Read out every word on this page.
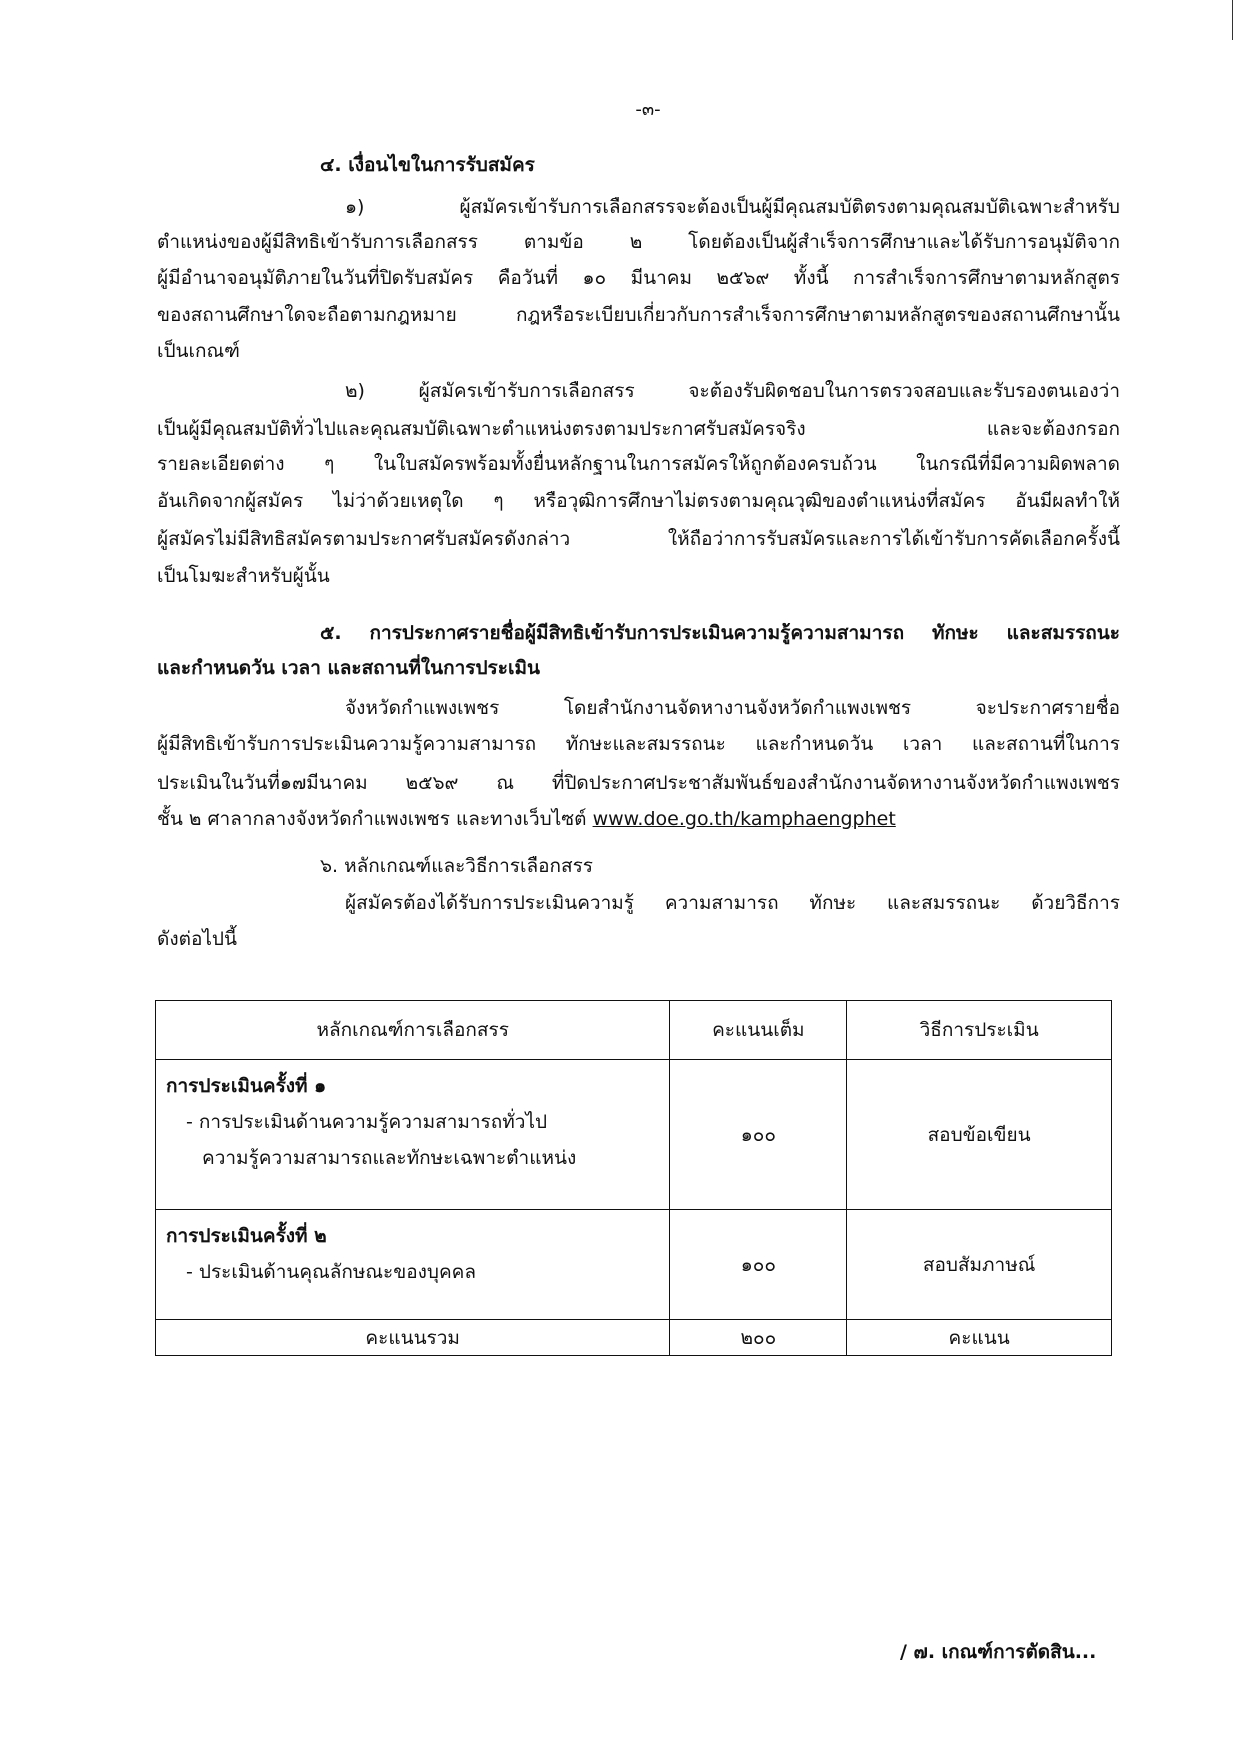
-๓-
๔. เงื่อนไขในการรับสมัคร
๑) ผู้สมัครเข้ารับการเลือกสรรจะต้องเป็นผู้มีคุณสมบัติตรงตามคุณสมบัติเฉพาะสำหรับ
ตำแหน่งของผู้มีสิทธิเข้ารับการเลือกสรร ตามข้อ ๒ โดยต้องเป็นผู้สำเร็จการศึกษาและได้รับการอนุมัติจาก
ผู้มีอำนาจอนุมัติภายในวันที่ปิดรับสมัคร คือวันที่ ๑๐ มีนาคม ๒๕๖๙ ทั้งนี้ การสำเร็จการศึกษาตามหลักสูตร
ของสถานศึกษาใดจะถือตามกฎหมาย กฎหรือระเบียบเกี่ยวกับการสำเร็จการศึกษาตามหลักสูตรของสถานศึกษานั้น
เป็นเกณฑ์
๒) ผู้สมัครเข้ารับการเลือกสรร จะต้องรับผิดชอบในการตรวจสอบและรับรองตนเองว่า
เป็นผู้มีคุณสมบัติทั่วไปและคุณสมบัติเฉพาะตำแหน่งตรงตามประกาศรับสมัครจริง และจะต้องกรอก
รายละเอียดต่าง ๆ ในใบสมัครพร้อมทั้งยื่นหลักฐานในการสมัครให้ถูกต้องครบถ้วน ในกรณีที่มีความผิดพลาด
อันเกิดจากผู้สมัคร ไม่ว่าด้วยเหตุใด ๆ หรือวุฒิการศึกษาไม่ตรงตามคุณวุฒิของตำแหน่งที่สมัคร อันมีผลทำให้
ผู้สมัครไม่มีสิทธิสมัครตามประกาศรับสมัครดังกล่าว ให้ถือว่าการรับสมัครและการได้เข้ารับการคัดเลือกครั้งนี้
เป็นโมฆะสำหรับผู้นั้น
๕. การประกาศรายชื่อผู้มีสิทธิเข้ารับการประเมินความรู้ความสามารถ ทักษะ และสมรรถนะ
และกำหนดวัน เวลา และสถานที่ในการประเมิน
จังหวัดกำแพงเพชร โดยสำนักงานจัดหางานจังหวัดกำแพงเพชร จะประกาศรายชื่อ
ผู้มีสิทธิเข้ารับการประเมินความรู้ความสามารถ ทักษะและสมรรถนะ และกำหนดวัน เวลา และสถานที่ในการ
ประเมินในวันที่๑๗มีนาคม ๒๕๖๙ ณ ที่ปิดประกาศประชาสัมพันธ์ของสำนักงานจัดหางานจังหวัดกำแพงเพชร
ชั้น ๒ ศาลากลางจังหวัดกำแพงเพชร และทางเว็บไซต์ www.doe.go.th/kamphaengphet
๖. หลักเกณฑ์และวิธีการเลือกสรร
ผู้สมัครต้องได้รับการประเมินความรู้ ความสามารถ ทักษะ และสมรรถนะ ด้วยวิธีการ
ดังต่อไปนี้
หลักเกณฑ์การเลือกสรร	คะแนนเต็ม	วิธีการประเมิน

การประเมินครั้งที่ ๑
- การประเมินด้านความรู้ความสามารถทั่วไป
ความรู้ความสามารถและทักษะเฉพาะตำแหน่ง	๑๐๐	สอบข้อเขียน

การประเมินครั้งที่ ๒
- ประเมินด้านคุณลักษณะของบุคคล	๑๐๐	สอบสัมภาษณ์
คะแนนรวม	๒๐๐	คะแนน
/ ๗. เกณฑ์การตัดสิน...
